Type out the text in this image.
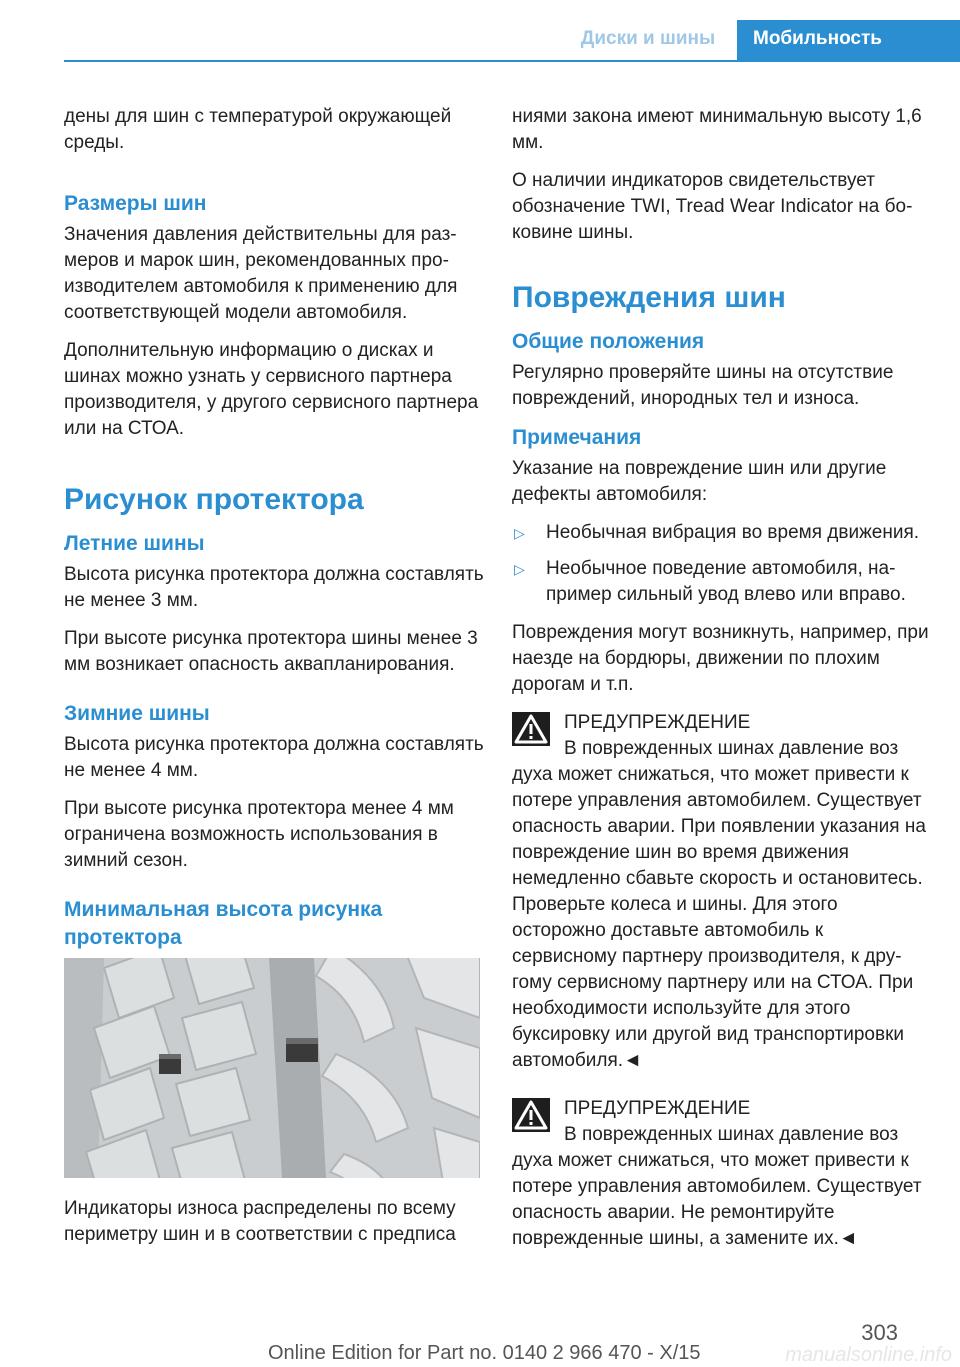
Диски и шины	Мобильность

дены для шин с температурой окружающей среды.

Размеры шин

Значения давления действительны для размеров и марок шин, рекомендованных производителем автомобиля к применению для соответствующей модели автомобиля.

Дополнительную информацию о дисках и шинах можно узнать у сервисного партнера производителя, у другого сервисного партнера или на СТОА.

Рисунок протектора
Летние шины

Высота рисунка протектора должна составлять не менее 3 мм.

При высоте рисунка протектора шины менее 3 мм возникает опасность аквапланирования.

Зимние шины

Высота рисунка протектора должна составлять не менее 4 мм.

При высоте рисунка протектора менее 4 мм ограничена возможность использования в зимний сезон.

Минимальная высота рисунка протектора

Индикаторы износа распределены по всему периметру шин и в соответствии с предписа

ниями закона имеют минимальную высоту 1,6 мм.

О наличии индикаторов свидетельствует обозначение TWI, Tread Wear Indicator на боковине шины.

Повреждения шин
Общие положения

Регулярно проверяйте шины на отсутствие повреждений, инородных тел и износа.

Примечания

Указание на повреждение шин или другие дефекты автомобиля:

▷ Необычная вибрация во время движения.
▷ Необычное поведение автомобиля, например сильный увод влево или вправо.

Повреждения могут возникнуть, например, при наезде на бордюры, движении по плохим дорогам и т.п.

ПРЕДУПРЕЖДЕНИЕ
В поврежденных шинах давление воз
духа может снижаться, что может привести к потере управления автомобилем. Существует опасность аварии. При появлении указания на повреждение шин во время движения немедленно сбавьте скорость и остановитесь. Проверьте колеса и шины. Для этого осторожно доставьте автомобиль к сервисному партнеру производителя, к другому сервисному партнеру или на СТОА. При необходимости используйте для этого буксировку или другой вид транспортировки автомобиля.◄
ПРЕДУПРЕЖДЕНИЕ
В поврежденных шинах давление воз
духа может снижаться, что может привести к потере управления автомобилем. Существует опасность аварии. Не ремонтируйте поврежденные шины, а замените их.◄
303
manualsonline.info
Online Edition for Part no. 0140 2 966 470 - X/15
